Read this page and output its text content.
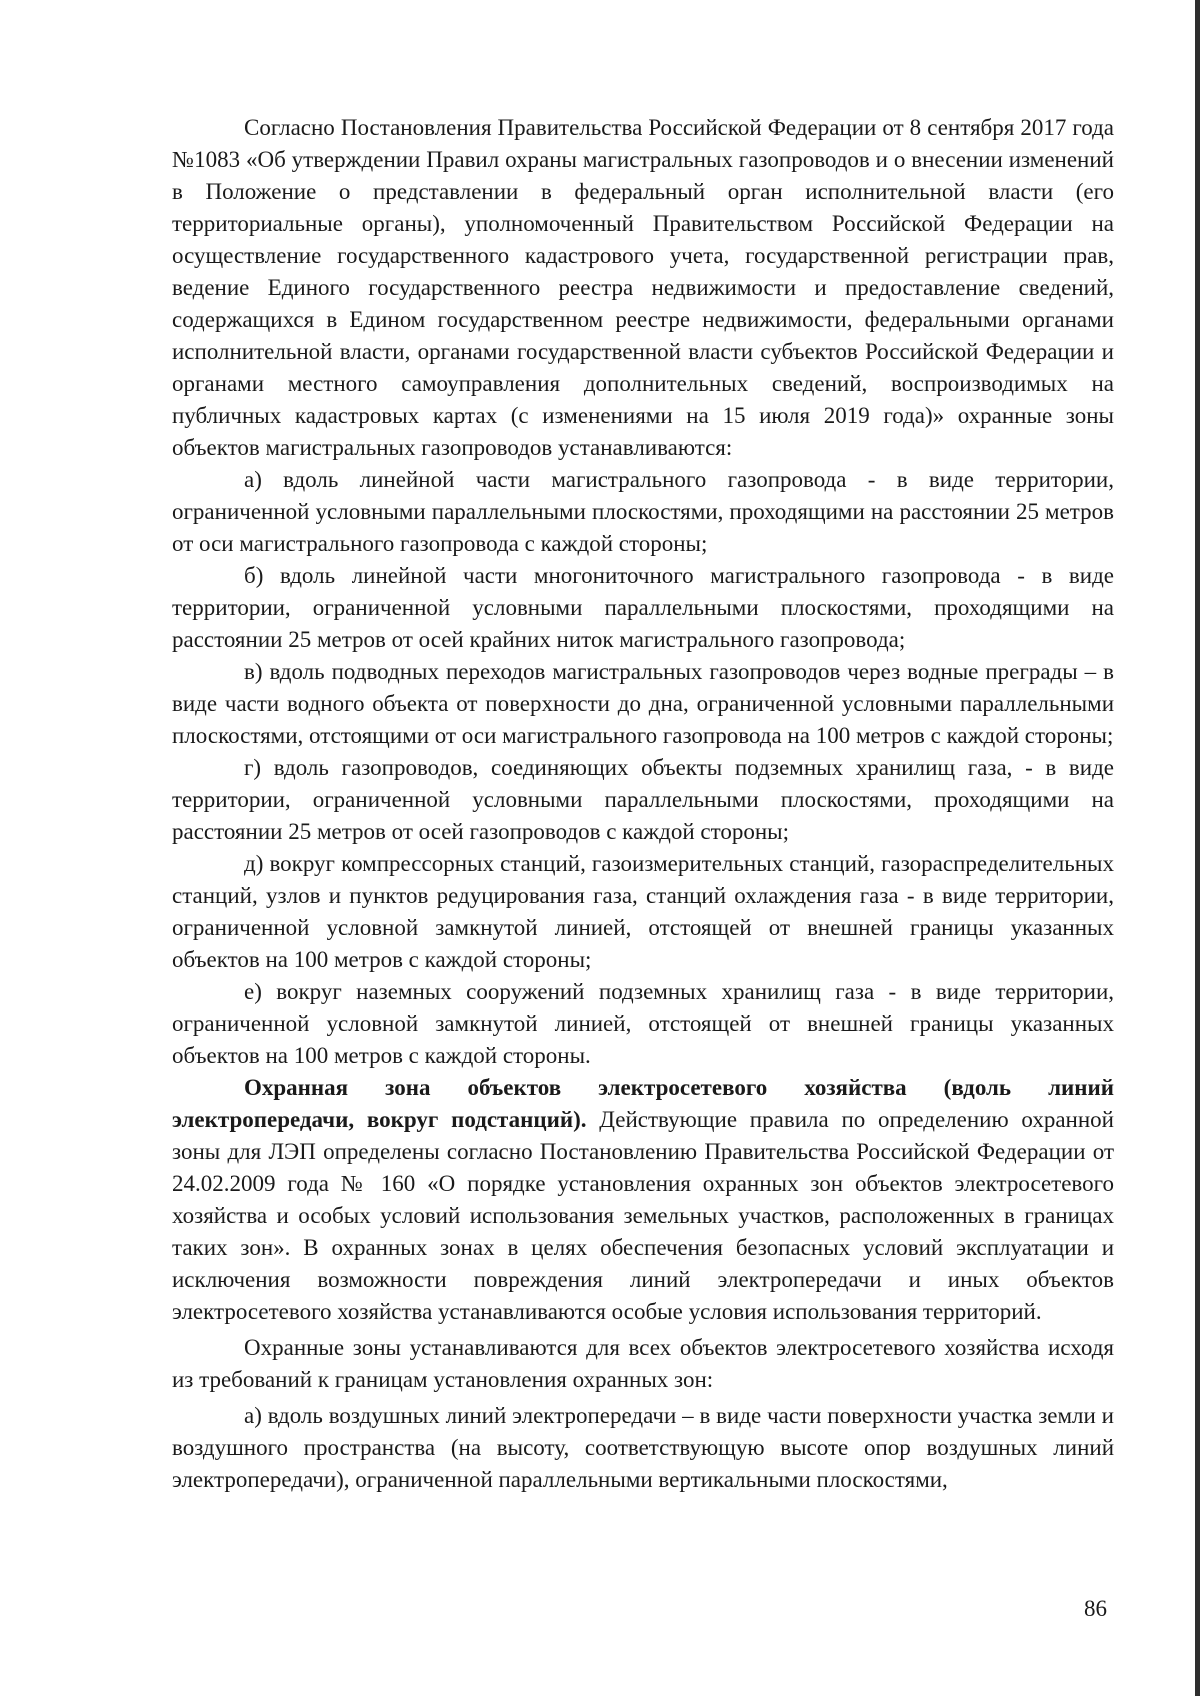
Согласно Постановления Правительства Российской Федерации от 8 сентября 2017 года №1083 «Об утверждении Правил охраны магистральных газопроводов и о внесении изменений в Положение о представлении в федеральный орган исполнительной власти (его территориальные органы), уполномоченный Правительством Российской Федерации на осуществление государственного кадастрового учета, государственной регистрации прав, ведение Единого государственного реестра недвижимости и предоставление сведений, содержащихся в Едином государственном реестре недвижимости, федеральными органами исполнительной власти, органами государственной власти субъектов Российской Федерации и органами местного самоуправления дополнительных сведений, воспроизводимых на публичных кадастровых картах (с изменениями на 15 июля 2019 года)» охранные зоны объектов магистральных газопроводов устанавливаются:

а) вдоль линейной части магистрального газопровода - в виде территории, ограниченной условными параллельными плоскостями, проходящими на расстоянии 25 метров от оси магистрального газопровода с каждой стороны;

б) вдоль линейной части многониточного магистрального газопровода - в виде территории, ограниченной условными параллельными плоскостями, проходящими на расстоянии 25 метров от осей крайних ниток магистрального газопровода;

в) вдоль подводных переходов магистральных газопроводов через водные преграды – в виде части водного объекта от поверхности до дна, ограниченной условными параллельными плоскостями, отстоящими от оси магистрального газопровода на 100 метров с каждой стороны;

г) вдоль газопроводов, соединяющих объекты подземных хранилищ газа, - в виде территории, ограниченной условными параллельными плоскостями, проходящими на расстоянии 25 метров от осей газопроводов с каждой стороны;

д) вокруг компрессорных станций, газоизмерительных станций, газораспределительных станций, узлов и пунктов редуцирования газа, станций охлаждения газа - в виде территории, ограниченной условной замкнутой линией, отстоящей от внешней границы указанных объектов на 100 метров с каждой стороны;

е) вокруг наземных сооружений подземных хранилищ газа - в виде территории, ограниченной условной замкнутой линией, отстоящей от внешней границы указанных объектов на 100 метров с каждой стороны.

Охранная зона объектов электросетевого хозяйства (вдоль линий электропередачи, вокруг подстанций). Действующие правила по определению охранной зоны для ЛЭП определены согласно Постановлению Правительства Российской Федерации от 24.02.2009 года № 160 «О порядке установления охранных зон объектов электросетевого хозяйства и особых условий использования земельных участков, расположенных в границах таких зон». В охранных зонах в целях обеспечения безопасных условий эксплуатации и исключения возможности повреждения линий электропередачи и иных объектов электросетевого хозяйства устанавливаются особые условия использования территорий.

Охранные зоны устанавливаются для всех объектов электросетевого хозяйства исходя из требований к границам установления охранных зон:

а) вдоль воздушных линий электропередачи – в виде части поверхности участка земли и воздушного пространства (на высоту, соответствующую высоте опор воздушных линий электропередачи), ограниченной параллельными вертикальными плоскостями,

86
